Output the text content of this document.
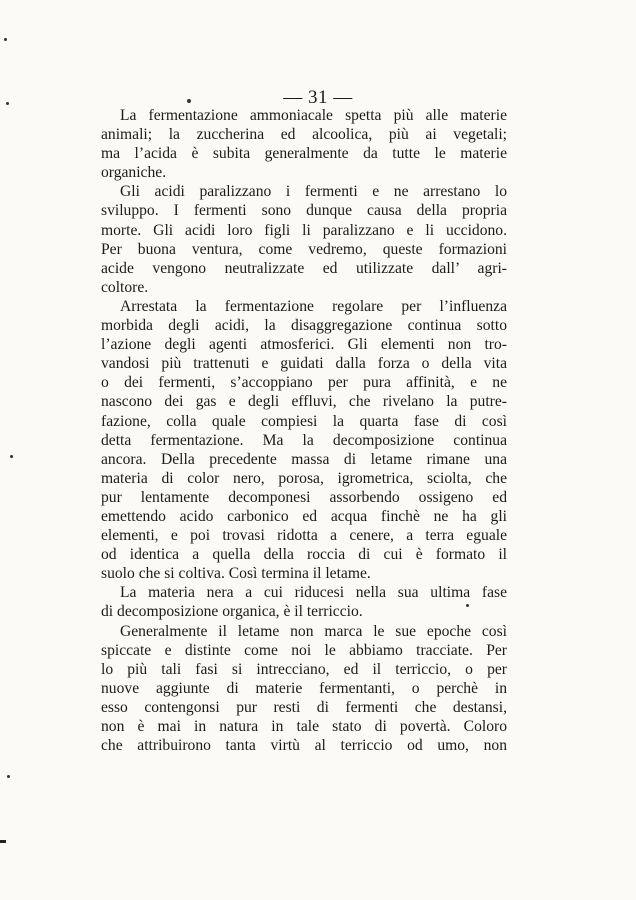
— 31 —
La fermentazione ammoniacale spetta più alle materie
animali; la zuccherina ed alcoolica, più ai vegetali;
ma l’acida è subita generalmente da tutte le materie
organiche.
Gli acidi paralizzano i fermenti e ne arrestano lo
sviluppo. I fermenti sono dunque causa della propria
morte. Gli acidi loro figli li paralizzano e li uccidono.
Per buona ventura, come vedremo, queste formazioni
acide vengono neutralizzate ed utilizzate dall’ agri-
coltore.
Arrestata la fermentazione regolare per l’influenza
morbida degli acidi, la disaggregazione continua sotto
l’azione degli agenti atmosferici. Gli elementi non tro-
vandosi più trattenuti e guidati dalla forza o della vita
o dei fermenti, s’accoppiano per pura affinità, e ne
nascono dei gas e degli effluvi, che rivelano la putre-
fazione, colla quale compiesi la quarta fase di così
detta fermentazione. Ma la decomposizione continua
ancora. Della precedente massa di letame rimane una
materia di color nero, porosa, igrometrica, sciolta, che
pur lentamente decomponesi assorbendo ossigeno ed
emettendo acido carbonico ed acqua finchè ne ha gli
elementi, e poi trovasi ridotta a cenere, a terra eguale
od identica a quella della roccia di cui è formato il
suolo che si coltiva. Così termina il letame.
La materia nera a cui riducesi nella sua ultima fase
di decomposizione organica, è il terriccio.
Generalmente il letame non marca le sue epoche così
spiccate e distinte come noi le abbiamo tracciate. Per
lo più tali fasi si intrecciano, ed il terriccio, o per
nuove aggiunte di materie fermentanti, o perchè in
esso contengonsi pur resti di fermenti che destansi,
non è mai in natura in tale stato di povertà. Coloro
che attribuirono tanta virtù al terriccio od umo, non
